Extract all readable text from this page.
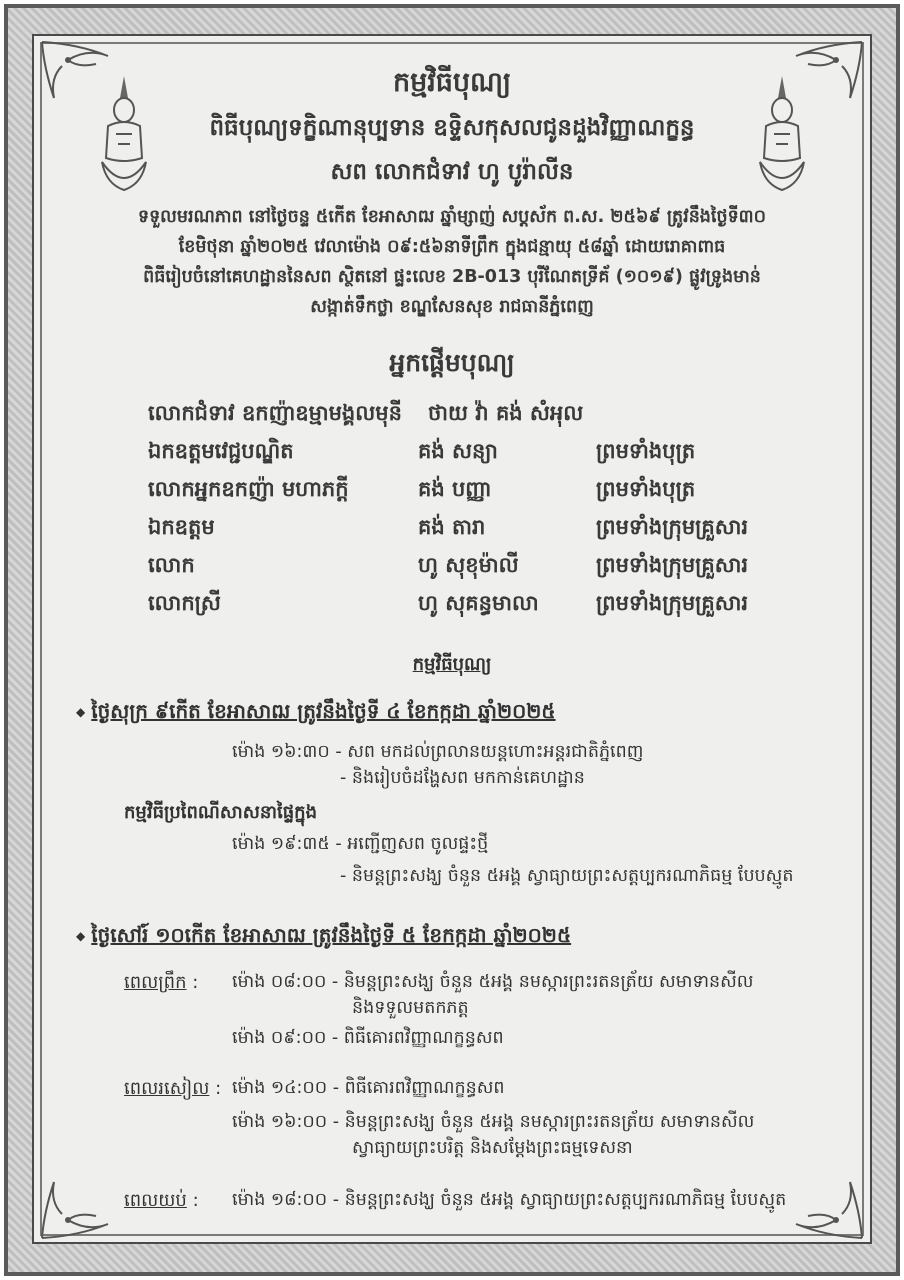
កម្មវិធីបុណ្យ
ពិធីបុណ្យទក្ខិណានុប្បទាន ឧទ្ទិសកុសលជូនដួងវិញ្ញាណក្ខន្ធ
សព លោកជំទាវ ហូ បូរ៉ាលីន
ទទួលមរណភាព នៅថ្ងៃចន្ទ ៥កើត ខែអាសាឍ ឆ្នាំម្សាញ់ សប្តស័ក ព.ស. ២៥៦៩ ត្រូវនឹងថ្ងៃទី៣០
ខែមិថុនា ឆ្នាំ២០២៥ វេលាម៉ោង ០៩:៥៦នាទីព្រឹក ក្នុងជន្មាយុ ៥៨ឆ្នាំ ដោយរោគាពាធ
ពិធីរៀបចំនៅគេហដ្ឋាននៃសព ស្ថិតនៅ ផ្ទះលេខ 2B-013 បុរីណែតទ្រីគ័ (១០១៩) ផ្លូវទ្រូងមាន់
សង្កាត់ទឹកថ្លា ខណ្ឌសែនសុខ រាជធានីភ្នំពេញ
អ្នកផ្តើមបុណ្យ
លោកជំទាវ ឧកញ៉ាឧម្មាមង្គលមុនី ថាយ វ៉ា គង់ សំអុល
ឯកឧត្តមវេជ្ជបណ្ឌិត	គង់ សន្យា	ព្រមទាំងបុត្រ
លោកអ្នកឧកញ៉ា មហាភក្តី	គង់ បញ្ញា	ព្រមទាំងបុត្រ
ឯកឧត្តម	គង់ តារា	ព្រមទាំងក្រុមគ្រួសារ
លោក	ហូ សុខុម៉ាលី	ព្រមទាំងក្រុមគ្រួសារ
លោកស្រី	ហូ សុគន្ធមាលា	ព្រមទាំងក្រុមគ្រួសារ
កម្មវិធីបុណ្យ
◆ ថ្ងៃសុក្រ ៩កើត ខែអាសាឍ ត្រូវនឹងថ្ងៃទី ៤ ខែកក្កដា ឆ្នាំ២០២៥
ម៉ោង ១៦:៣០ - សព មកដល់ព្រលានយន្តហោះអន្តរជាតិភ្នំពេញ
- និងរៀបចំដង្ហែសព មកកាន់គេហដ្ឋាន
កម្មវិធីប្រពៃណីសាសនាផ្ទៃក្នុង
ម៉ោង ១៩:៣៥ - អញ្ជើញសព ចូលផ្ទះថ្មី
- និមន្តព្រះសង្ឃ ចំនួន ៥អង្គ ស្វាធ្យាយព្រះសត្តប្បករណាភិធម្ម បែបស្មូត
◆ ថ្ងៃសៅរ៍ ១០កើត ខែអាសាឍ ត្រូវនឹងថ្ងៃទី ៥ ខែកក្កដា ឆ្នាំ២០២៥
ពេលព្រឹក : ម៉ោង ០៨:០០ - និមន្តព្រះសង្ឃ ចំនួន ៥អង្គ នមស្ការព្រះរតនត្រ័យ សមាទានសីល
និងទទួលមតកភត្ត
ម៉ោង ០៩:០០ - ពិធីគោរពវិញ្ញាណក្ខន្ធសព
ពេលរសៀល : ម៉ោង ១៤:០០ - ពិធីគោរពវិញ្ញាណក្ខន្ធសព
ម៉ោង ១៦:០០ - និមន្តព្រះសង្ឃ ចំនួន ៥អង្គ នមស្ការព្រះរតនត្រ័យ សមាទានសីល
ស្វាធ្យាយព្រះបរិត្ត និងសម្តែងព្រះធម្មទេសនា
ពេលយប់ : ម៉ោង ១៨:០០ - និមន្តព្រះសង្ឃ ចំនួន ៥អង្គ ស្វាធ្យាយព្រះសត្តប្បករណាភិធម្ម បែបស្មូត
